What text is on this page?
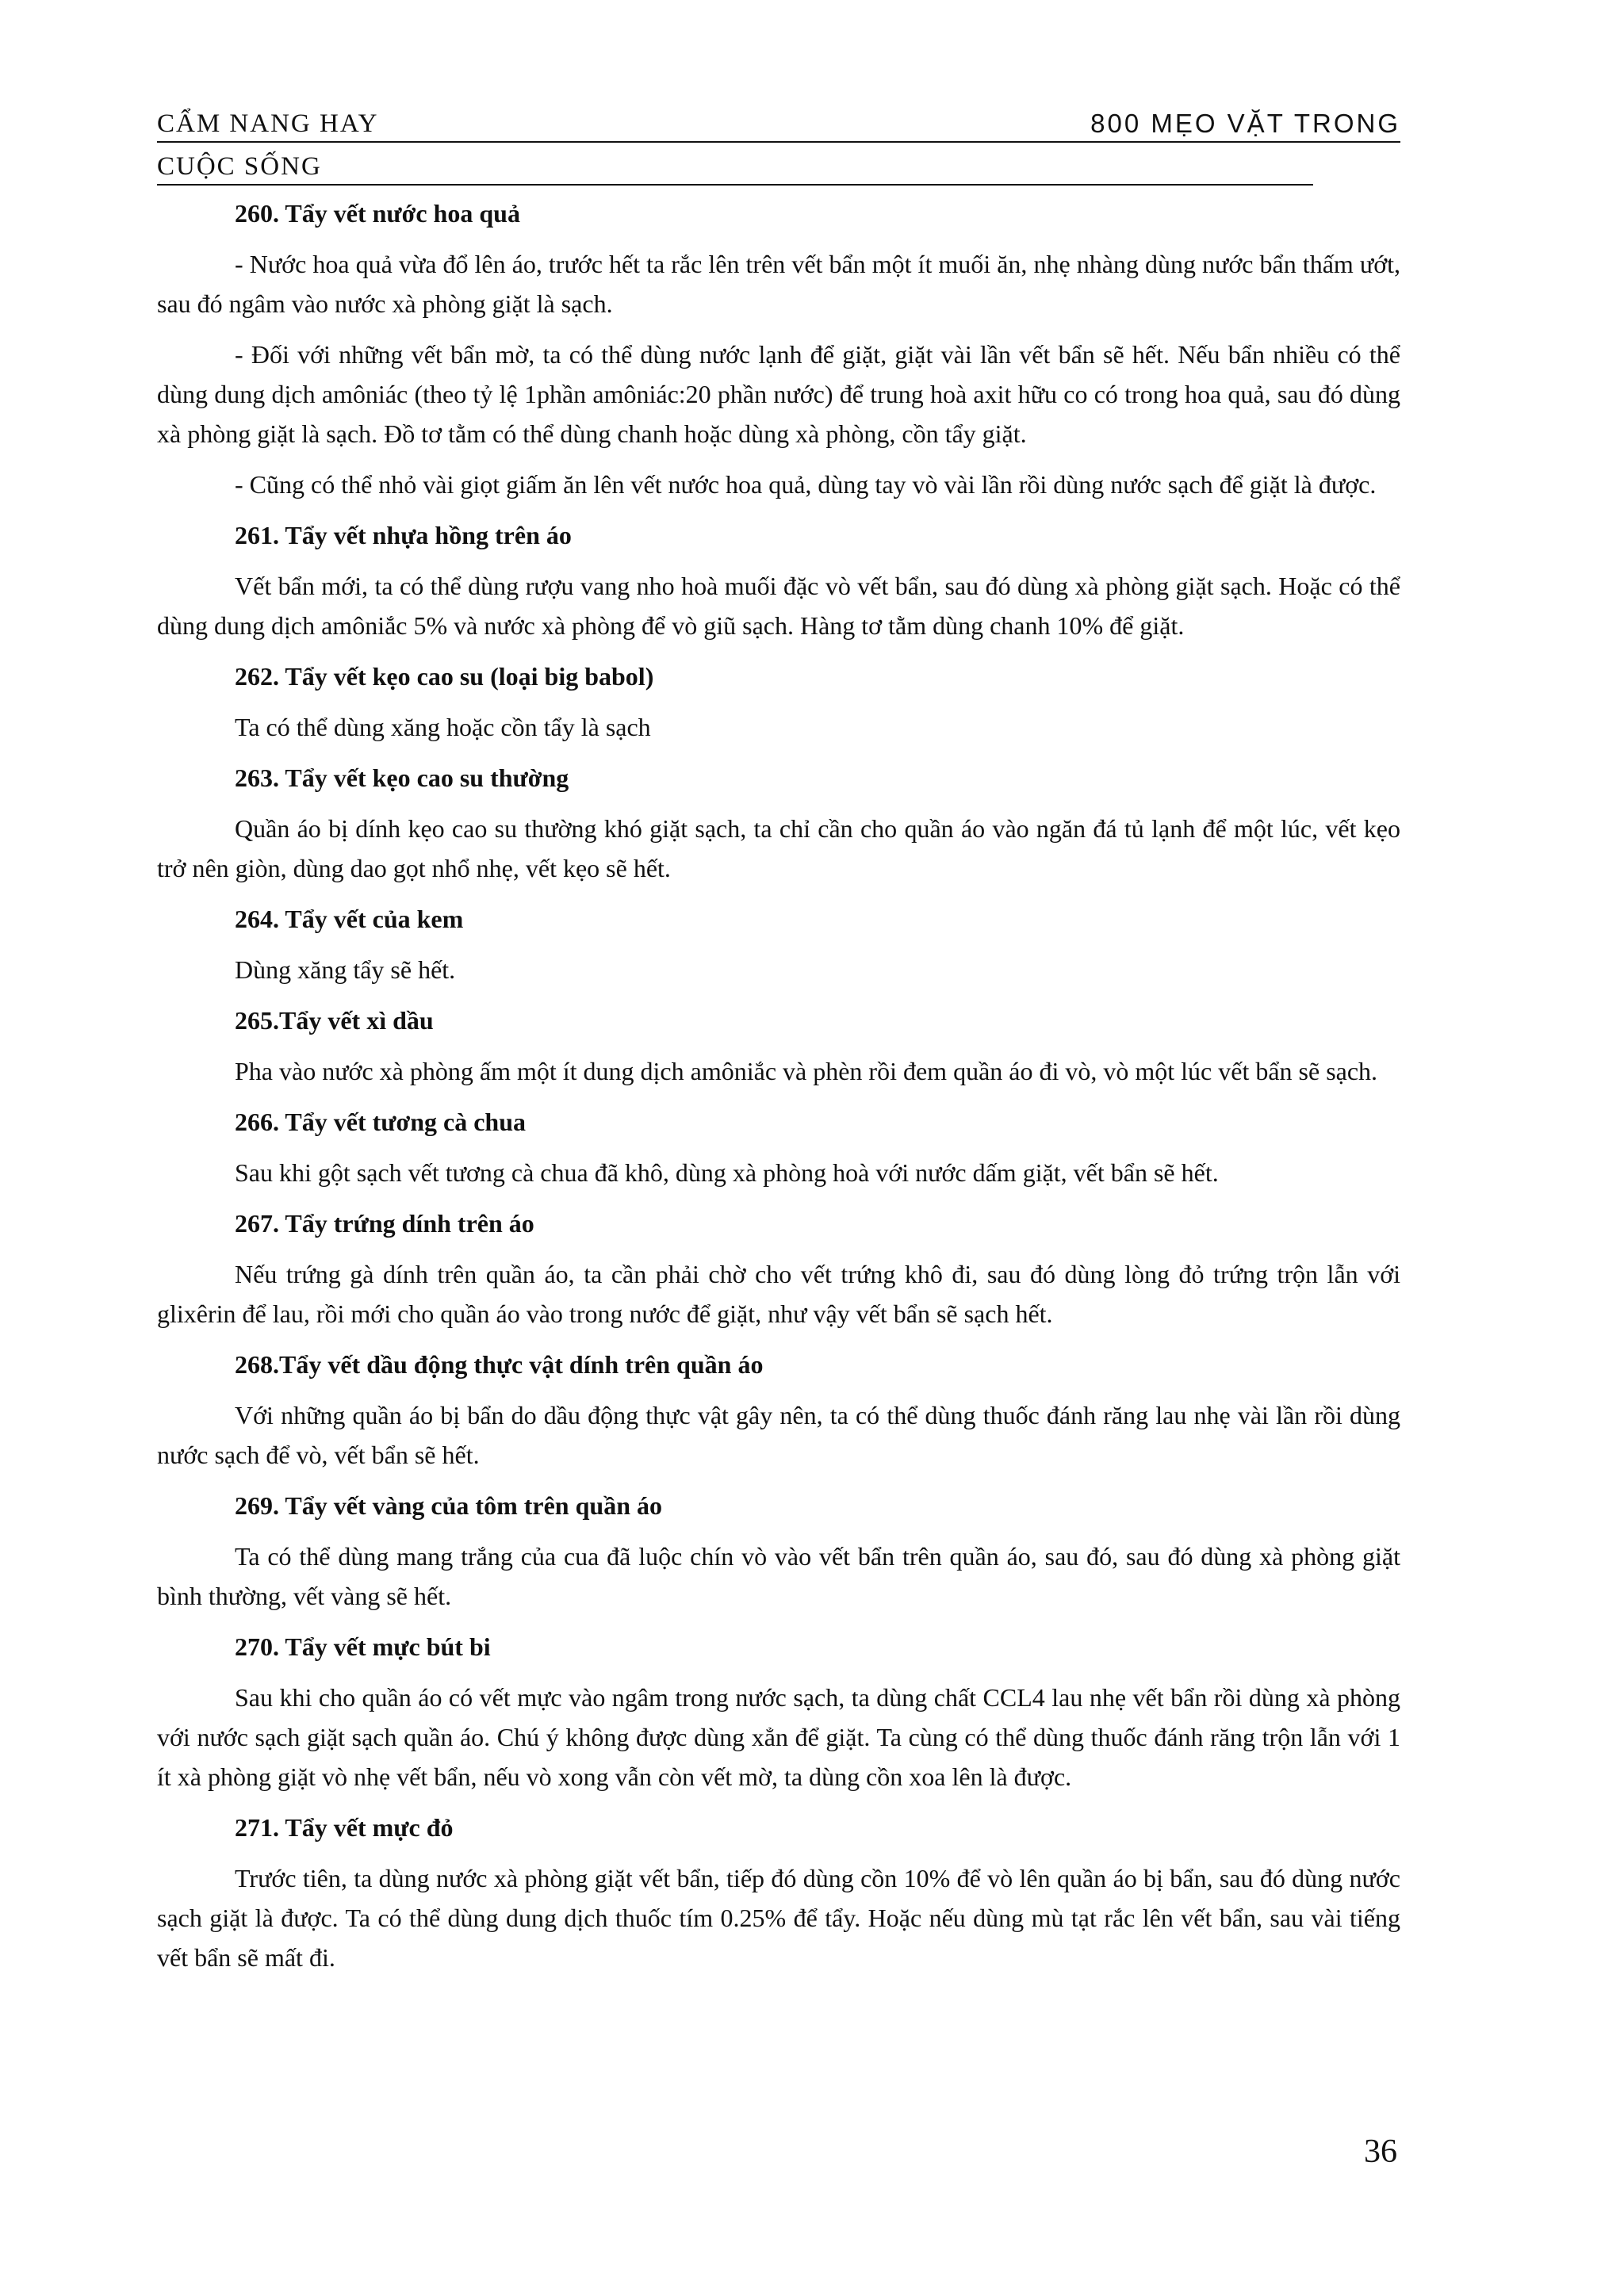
CẨM NANG HAY	800 MẸO VẶT TRONG
CUỘC SỐNG
260. Tẩy vết nước hoa quả

- Nước hoa quả vừa đổ lên áo, trước hết ta rắc lên trên vết bẩn một ít muối ăn, nhẹ nhàng dùng nước bẩn thấm ướt, sau đó ngâm vào nước xà phòng giặt là sạch.

- Đối với những vết bẩn mờ, ta có thể dùng nước lạnh để giặt, giặt vài lần vết bẩn sẽ hết. Nếu bẩn nhiều có thể dùng dung dịch amôniác (theo tỷ lệ 1phần amôniác:20 phần nước) để trung hoà axit hữu co có trong hoa quả, sau đó dùng xà phòng giặt là sạch. Đồ tơ tằm có thể dùng chanh hoặc dùng xà phòng, cồn tẩy giặt.

- Cũng có thể nhỏ vài giọt giấm ăn lên vết nước hoa quả, dùng tay vò vài lần rồi dùng nước sạch để giặt là được.

261. Tẩy vết nhựa hồng trên áo

Vết bẩn mới, ta có thể dùng rượu vang nho hoà muối đặc vò vết bẩn, sau đó dùng xà phòng giặt sạch. Hoặc có thể dùng dung dịch amôniắc 5% và nước xà phòng để vò giũ sạch. Hàng tơ tằm dùng chanh 10% để giặt.

262. Tẩy vết kẹo cao su (loại big babol)

Ta có thể dùng xăng hoặc cồn tẩy là sạch

263. Tẩy vết kẹo cao su thường

Quần áo bị dính kẹo cao su thường khó giặt sạch, ta chỉ cần cho quần áo vào ngăn đá tủ lạnh để một lúc, vết kẹo trở nên giòn, dùng dao gọt nhổ nhẹ, vết kẹo sẽ hết.

264. Tẩy vết của kem

Dùng xăng tẩy sẽ hết.

265.Tẩy vết xì dầu

Pha vào nước xà phòng ấm một ít dung dịch amôniắc và phèn rồi đem quần áo đi vò, vò một lúc vết bẩn sẽ sạch.

266. Tẩy vết tương cà chua

Sau khi gột sạch vết tương cà chua đã khô, dùng xà phòng hoà với nước dấm giặt, vết bẩn sẽ hết.

267. Tẩy trứng dính trên áo

Nếu trứng gà dính trên quần áo, ta cần phải chờ cho vết trứng khô đi, sau đó dùng lòng đỏ trứng trộn lẫn với glixêrin để lau, rồi mới cho quần áo vào trong nước để giặt, như vậy vết bẩn sẽ sạch hết.

268.Tẩy vết dầu động thực vật dính trên quần áo

Với những quần áo bị bẩn do dầu động thực vật gây nên, ta có thể dùng thuốc đánh răng lau nhẹ vài lần rồi dùng nước sạch để vò, vết bẩn sẽ hết.

269. Tẩy vết vàng của tôm trên quần áo

Ta có thể dùng mang trắng của cua đã luộc chín vò vào vết bẩn trên quần áo, sau đó, sau đó dùng xà phòng giặt bình thường, vết vàng sẽ hết.

270. Tẩy vết mực bút bi

Sau khi cho quần áo có vết mực vào ngâm trong nước sạch, ta dùng chất CCL4 lau nhẹ vết bẩn rồi dùng xà phòng với nước sạch giặt sạch quần áo. Chú ý không được dùng xẳn để giặt. Ta cùng có thể dùng thuốc đánh răng trộn lẫn với 1 ít xà phòng giặt vò nhẹ vết bẩn, nếu vò xong vẫn còn vết mờ, ta dùng cồn xoa lên là được.

271. Tẩy vết mực đỏ

Trước tiên, ta dùng nước xà phòng giặt vết bẩn, tiếp đó dùng cồn 10% để vò lên quần áo bị bẩn, sau đó dùng nước sạch giặt là được. Ta có thể dùng dung dịch thuốc tím 0.25% để tẩy. Hoặc nếu dùng mù tạt rắc lên vết bẩn, sau vài tiếng vết bẩn sẽ mất đi.

36
